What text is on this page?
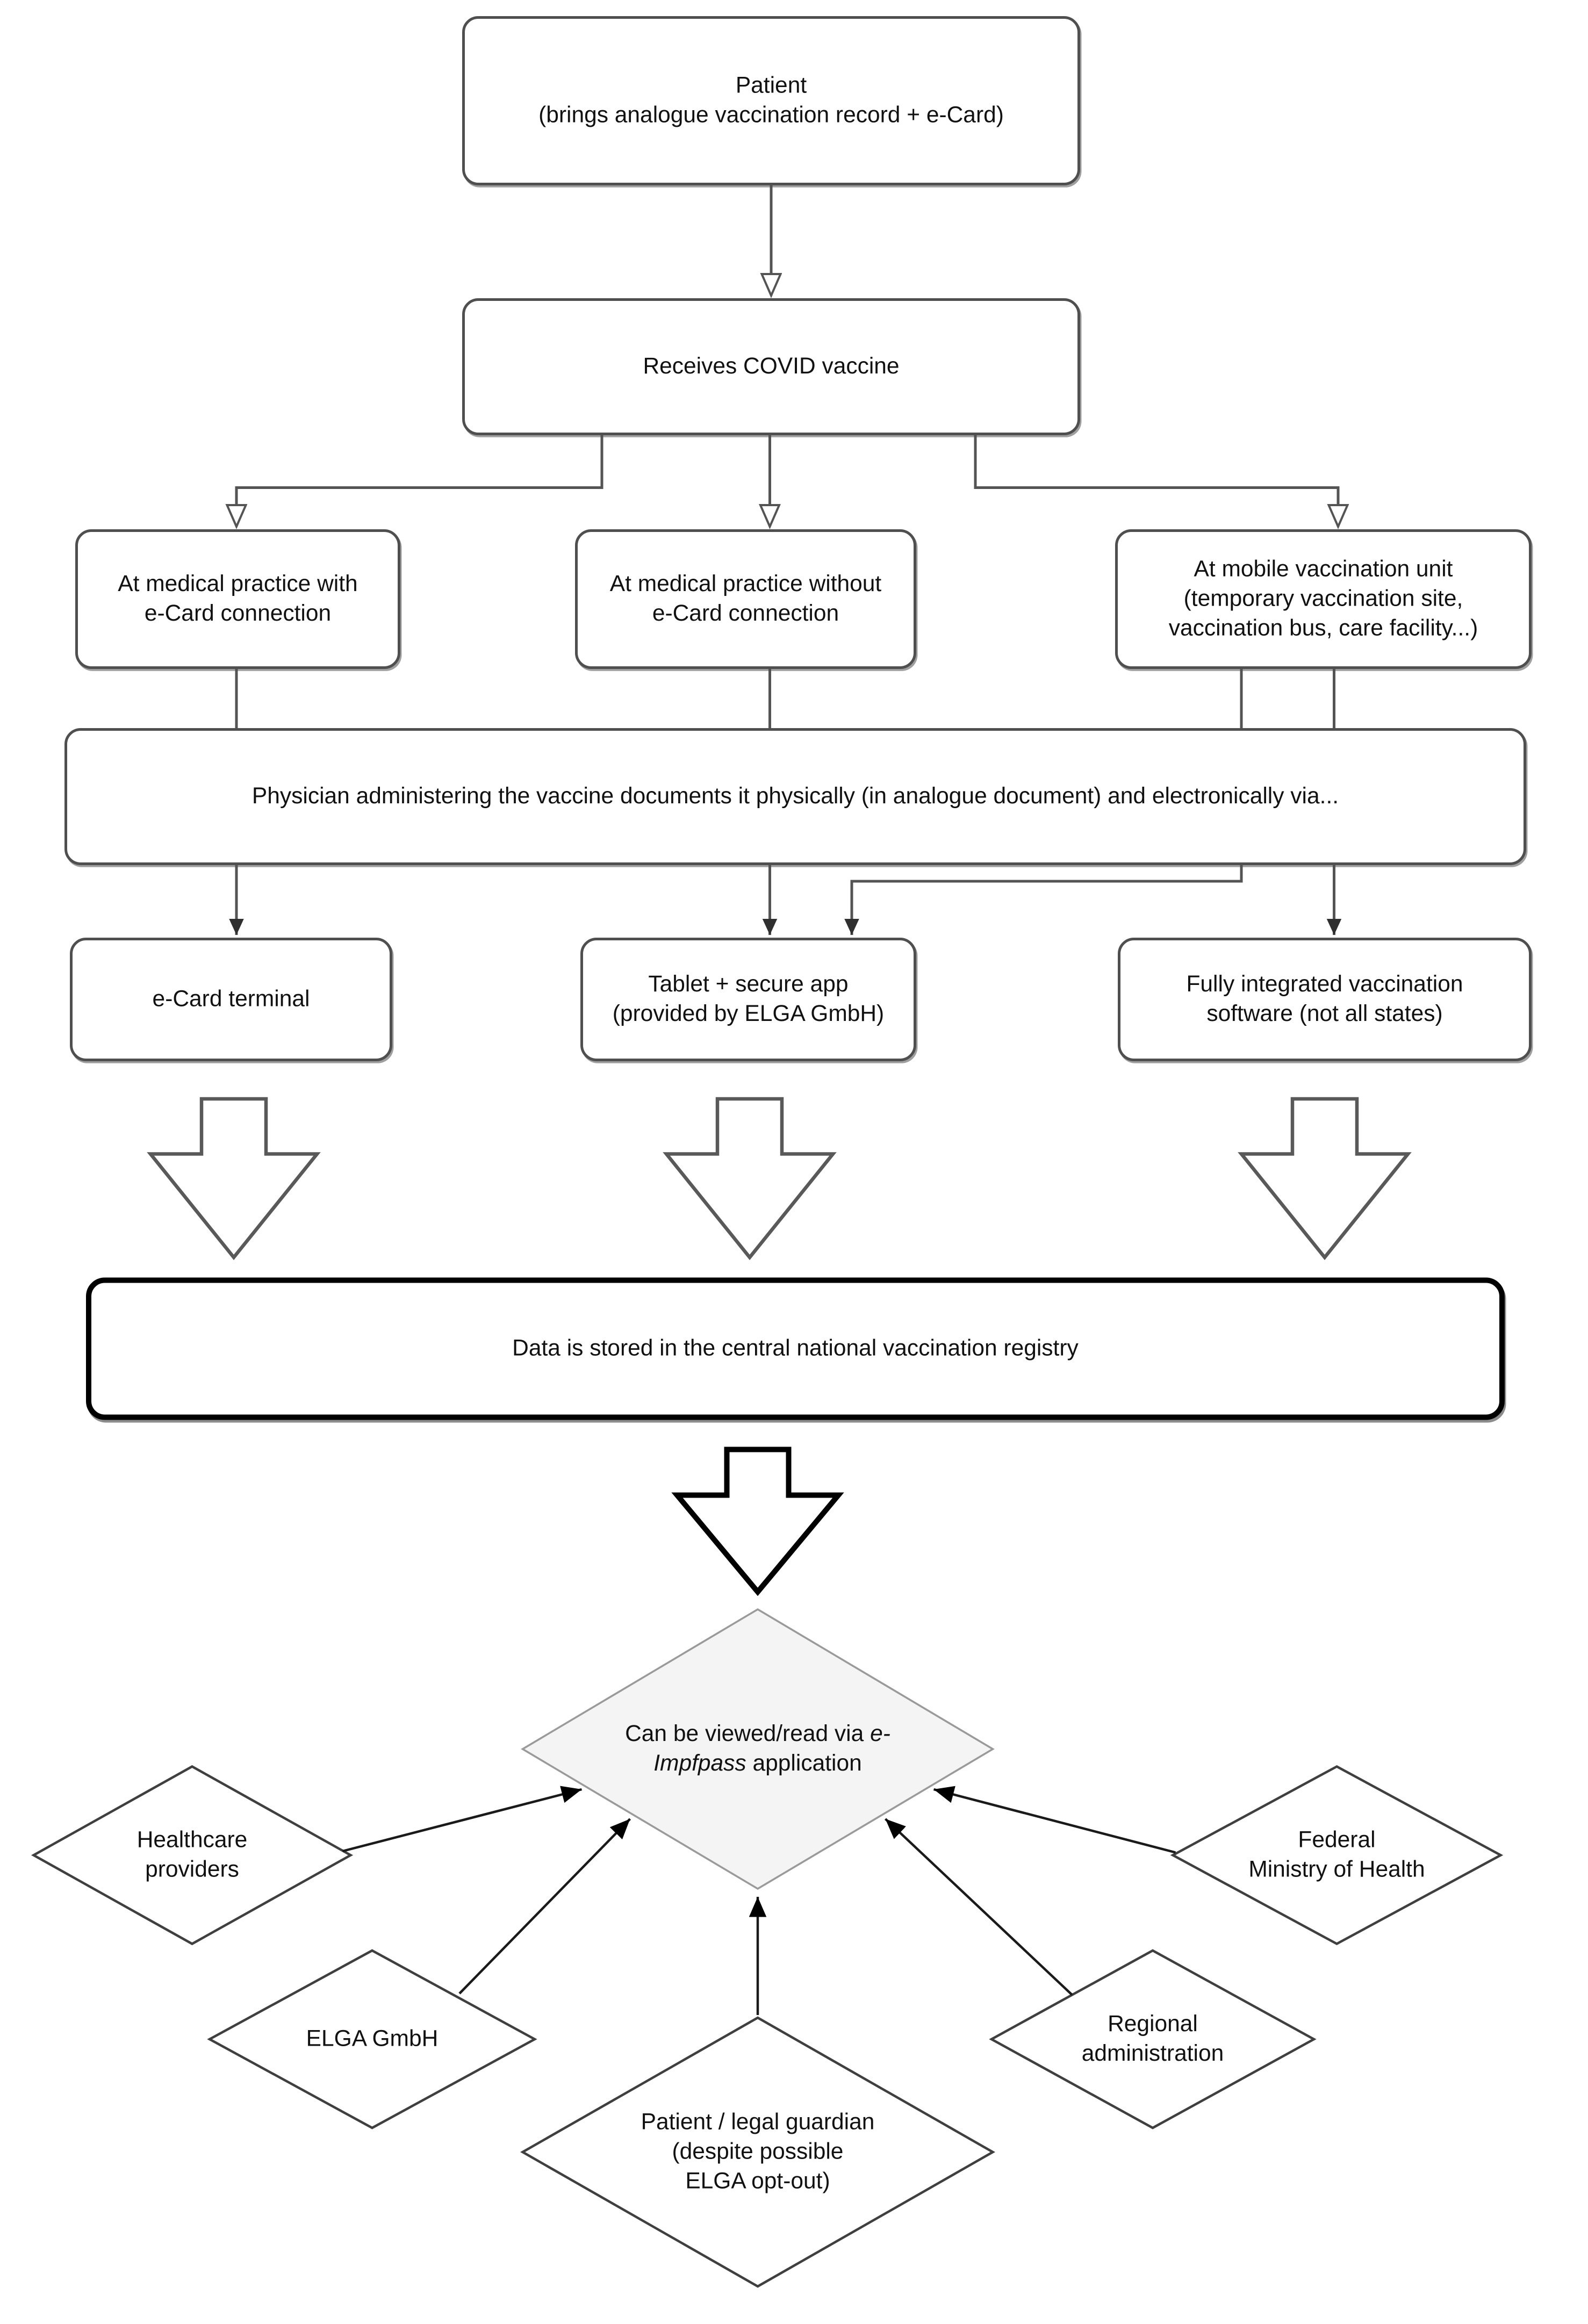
Patient
(brings analogue vaccination record + e-Card)
Receives COVID vaccine
At medical practice with
e-Card connection
At medical practice without
e-Card connection
At mobile vaccination unit
(temporary vaccination site,
vaccination bus, care facility...)
Physician administering the vaccine documents it physically (in analogue document) and electronically via...
e-Card terminal
Tablet + secure app
(provided by ELGA GmbH)
Fully integrated vaccination
software (not all states)
Data is stored in the central national vaccination registry
Can be viewed/read via e-Impfpass application
Healthcare
providers
ELGA GmbH
Patient / legal guardian
(despite possible
ELGA opt-out)
Regional
administration
Federal
Ministry of Health
